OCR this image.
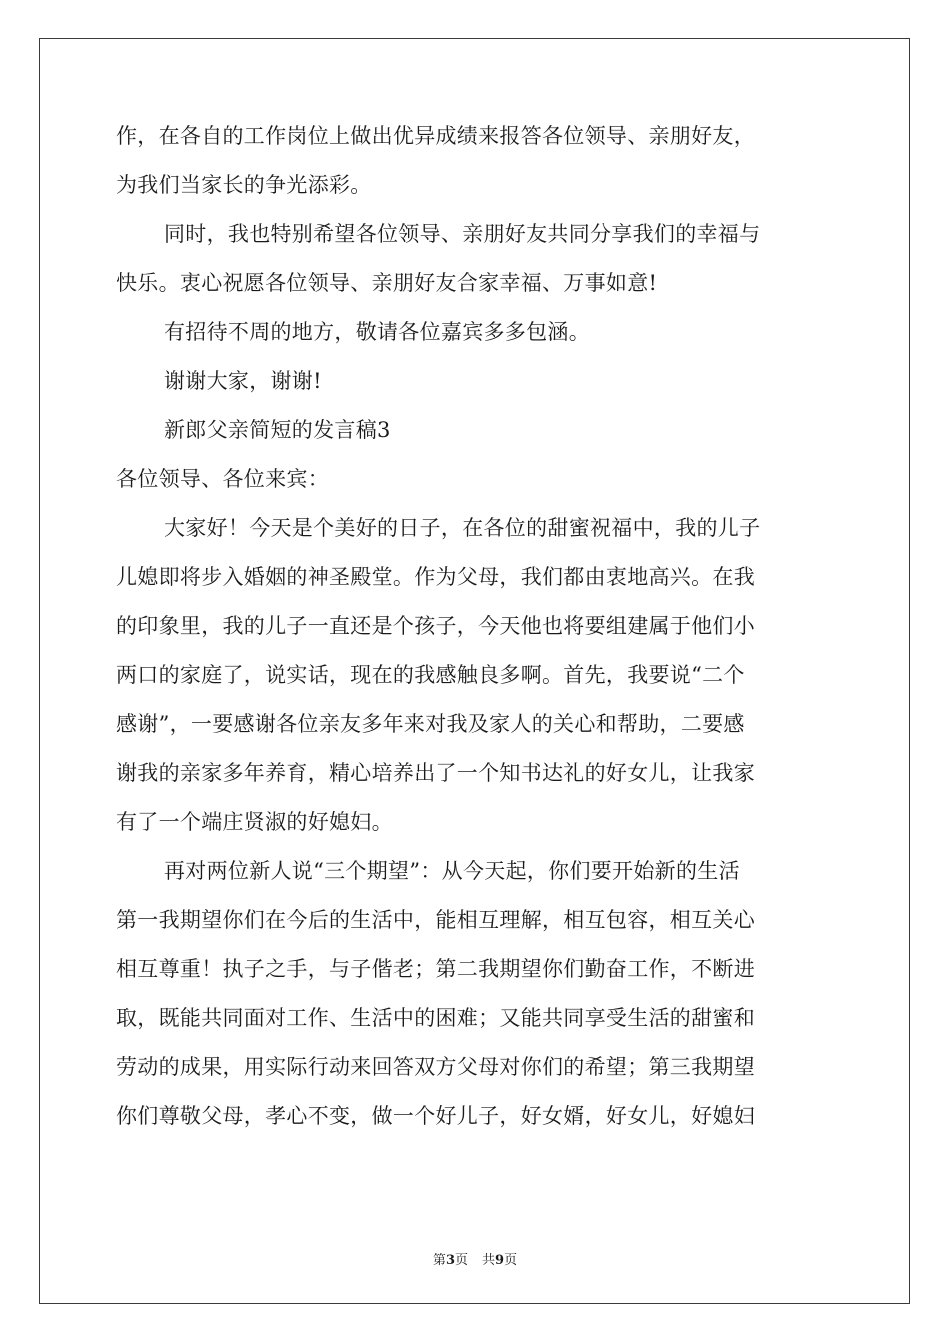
作，在各自的工作岗位上做出优异成绩来报答各位领导、亲朋好友，
为我们当家长的争光添彩。
同时，我也特别希望各位领导、亲朋好友共同分享我们的幸福与
快乐。衷心祝愿各位领导、亲朋好友合家幸福、万事如意!
有招待不周的地方，敬请各位嘉宾多多包涵。
谢谢大家，谢谢!
新郎父亲简短的发言稿3
各位领导、各位来宾：
大家好！今天是个美好的日子，在各位的甜蜜祝福中，我的儿子
儿媳即将步入婚姻的神圣殿堂。作为父母，我们都由衷地高兴。在我
的印象里，我的儿子一直还是个孩子，今天他也将要组建属于他们小
两口的家庭了，说实话，现在的我感触良多啊。首先，我要说“二个
感谢”，一要感谢各位亲友多年来对我及家人的关心和帮助，二要感
谢我的亲家多年养育，精心培养出了一个知书达礼的好女儿，让我家
有了一个端庄贤淑的好媳妇。
再对两位新人说“三个期望”：从今天起，你们要开始新的生活
第一我期望你们在今后的生活中，能相互理解，相互包容，相互关心
相互尊重！执子之手，与子偕老；第二我期望你们勤奋工作，不断进
取，既能共同面对工作、生活中的困难；又能共同享受生活的甜蜜和
劳动的成果，用实际行动来回答双方父母对你们的希望；第三我期望
你们尊敬父母，孝心不变，做一个好儿子，好女婿，好女儿，好媳妇
第3页 共9页
